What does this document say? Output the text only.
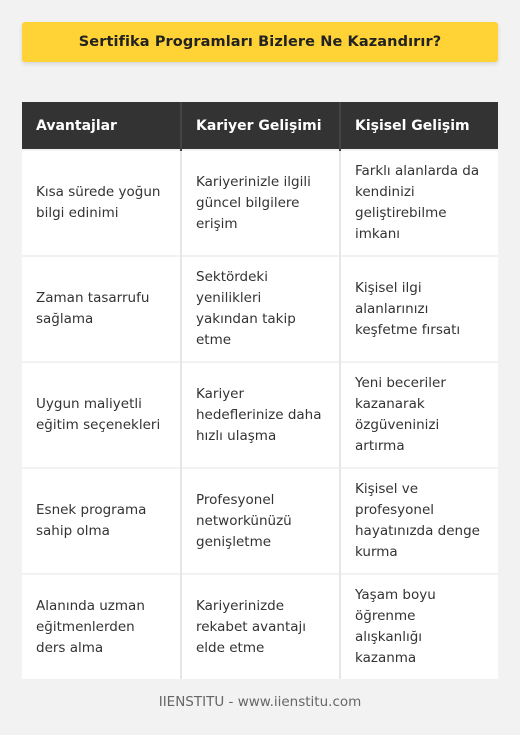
Sertifika Programları Bizlere Ne Kazandırır?
Avantajlar	Kariyer Gelişimi	Kişisel Gelişim
Kısa sürede yoğun bilgi edinimi	Kariyerinizle ilgili güncel bilgilere erişim	Farklı alanlarda da kendinizi geliştirebilme imkanı
Zaman tasarrufu sağlama	Sektördeki yenilikleri yakından takip etme	Kişisel ilgi alanlarınızı keşfetme fırsatı
Uygun maliyetli eğitim seçenekleri	Kariyer hedeflerinize daha hızlı ulaşma	Yeni beceriler kazanarak özgüveninizi artırma
Esnek programa sahip olma	Profesyonel networkünüzü genişletme	Kişisel ve profesyonel hayatınızda denge kurma
Alanında uzman eğitmenlerden ders alma	Kariyerinizde rekabet avantajı elde etme	Yaşam boyu öğrenme alışkanlığı kazanma
IIENSTITU - www.iienstitu.com
